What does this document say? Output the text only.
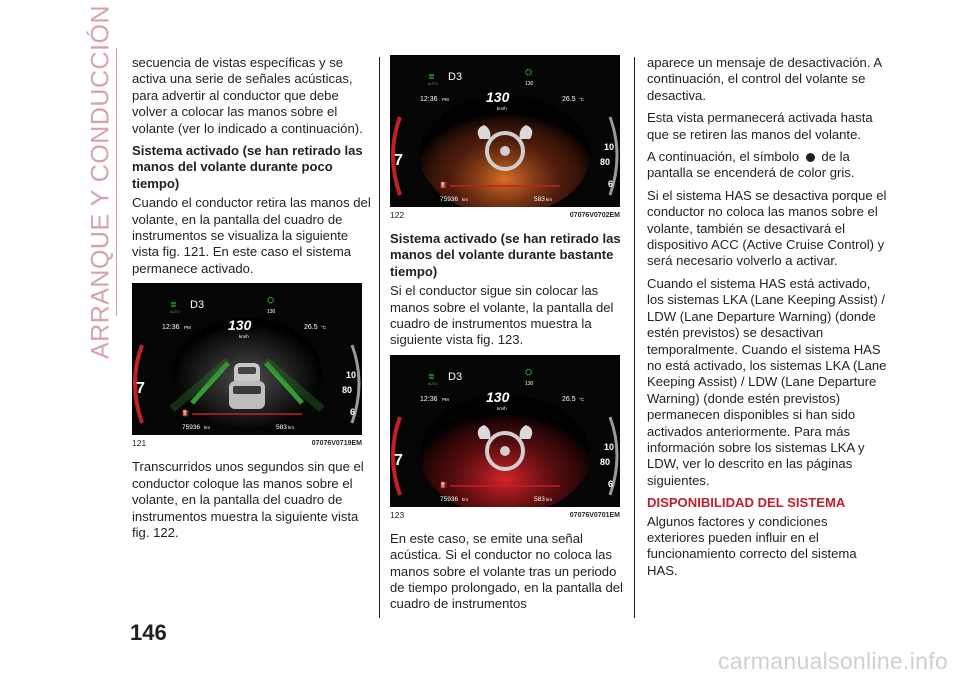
ARRANQUE Y CONDUCCIÓN secuencia de vistas específicas y se activa una serie de señales acústicas, para advertir al conductor que debe volver a colocar las manos sobre el volante (ver lo indicado a continuación).

Sistema activado (se han retirado las manos del volante durante poco tiempo)

Cuando el conductor retira las manos del volante, en la pantalla del cuadro de instrumentos se visualiza la siguiente vista fig. 121. En este caso el sistema permanece activado.

7
10
80
6
≣
AUTO
D3	⛭
130
12:36 PM	130
km/h
26.5 °C
⛽
75936 km	583 km
121	07076V0719EM

Transcurridos unos segundos sin que el conductor coloque las manos sobre el volante, en la pantalla del cuadro de instrumentos muestra la siguiente vista fig. 122.

7
10
80
6
≣
AUTO
D3	⛭
130
12:36 PM	130
km/h
26.5 °C
⛽
75936 km	583 km
122	07076V0702EM
Sistema activado (se han retirado las manos del volante durante bastante tiempo)

Si el conductor sigue sin colocar las manos sobre el volante, la pantalla del cuadro de instrumentos muestra la siguiente vista fig. 123.

7
10
80
6
≣
AUTO
D3	⛭
130
12:36 PM	130
km/h
26.5 °C
⛽
75936 km	583 km
123	07076V0701EM

En este caso, se emite una señal acústica. Si el conductor no coloca las manos sobre el volante tras un periodo de tiempo prolongado, en la pantalla del cuadro de instrumentos

aparece un mensaje de desactivación. A continuación, el control del volante se desactiva.

Esta vista permanecerá activada hasta que se retiren las manos del volante.

A continuación, el símbolo de la pantalla se encenderá de color gris.

Si el sistema HAS se desactiva porque el conductor no coloca las manos sobre el volante, también se desactivará el dispositivo ACC (Active Cruise Control) y será necesario volverlo a activar.

Cuando el sistema HAS está activado, los sistemas LKA (Lane Keeping Assist) / LDW (Lane Departure Warning) (donde estén previstos) se desactivan temporalmente. Cuando el sistema HAS no está activado, los sistemas LKA (Lane Keeping Assist) / LDW (Lane Departure Warning) (donde estén previstos) permanecen disponibles si han sido activados anteriormente. Para más información sobre los sistemas LKA y LDW, ver lo descrito en las páginas siguientes.

DISPONIBILIDAD DEL SISTEMA

Algunos factores y condiciones exteriores pueden influir en el funcionamiento correcto del sistema HAS.

146
carmanualsonline.info
